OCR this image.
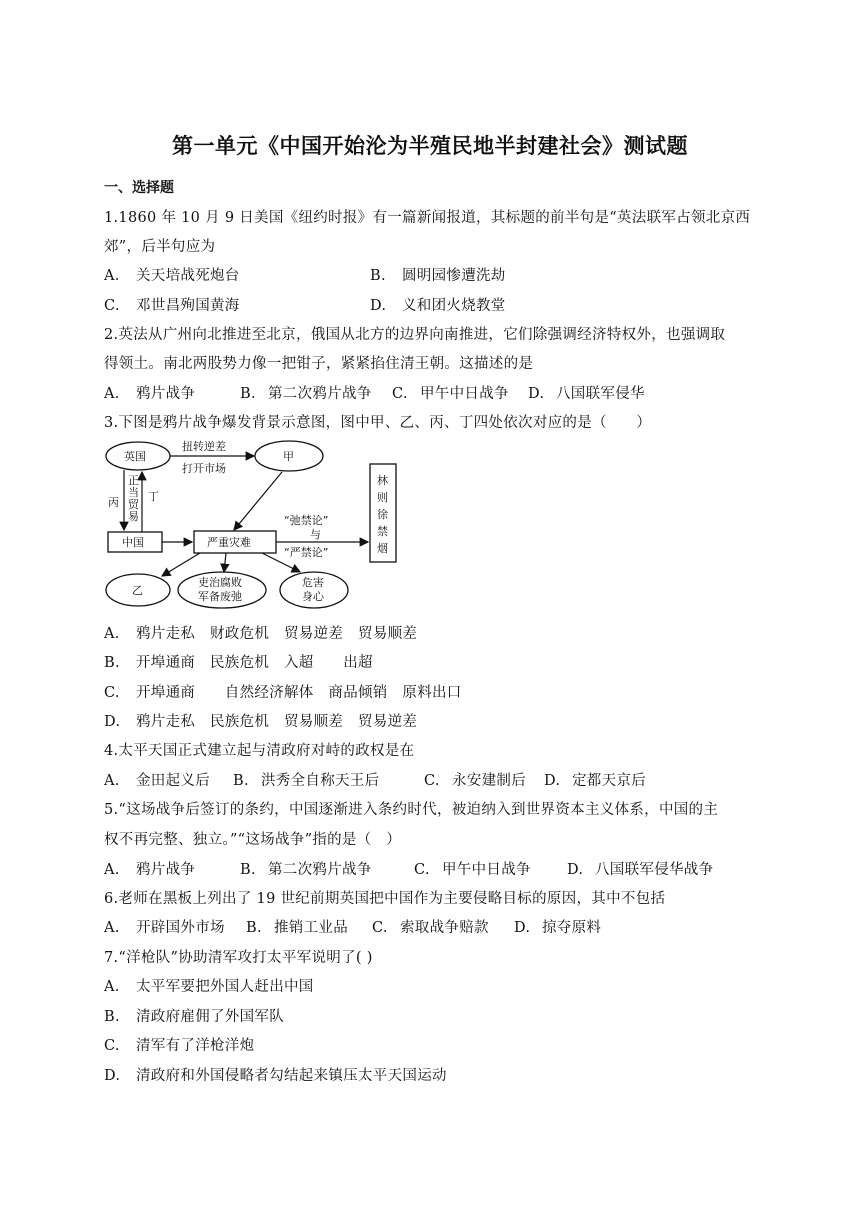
第一单元《中国开始沦为半殖民地半封建社会》测试题
一、选择题
1.1860 年 10 月 9 日美国《纽约时报》有一篇新闻报道，其标题的前半句是“英法联军占领北京西
郊”，后半句应为
A. 关天培战死炮台	B. 圆明园惨遭洗劫
C. 邓世昌殉国黄海	D. 义和团火烧教堂
2.英法从广州向北推进至北京，俄国从北方的边界向南推进，它们除强调经济特权外，也强调取
得领土。南北两股势力像一把钳子，紧紧掐住清王朝。这描述的是
A. 鸦片战争	B. 第二次鸦片战争 C. 甲午中日战争 D. 八国联军侵华
3.下图是鸦片战争爆发背景示意图，图中甲、乙、丙、丁四处依次对应的是（　　）
英国
扭转逆差
打开市场
甲
丙
正
当
贸
易
丁
中国	严重灾难
“弛禁论”
与
“严禁论”
林
则
徐
禁
烟
乙
吏治腐败
军备废弛
危害
身心
A. 鸦片走私　财政危机　贸易逆差　贸易顺差
B. 开埠通商　民族危机　入超　　出超
C. 开埠通商　　自然经济解体　商品倾销　原料出口
D. 鸦片走私　民族危机　贸易顺差　贸易逆差
4.太平天国正式建立起与清政府对峙的政权是在
A. 金田起义后 B. 洪秀全自称天王后	C. 永安建制后 D. 定都天京后
5.“这场战争后签订的条约，中国逐渐进入条约时代，被迫纳入到世界资本主义体系，中国的主
权不再完整、独立。”“这场战争”指的是（　）
A. 鸦片战争	B. 第二次鸦片战争	C. 甲午中日战争 D. 八国联军侵华战争
6.老师在黑板上列出了 19 世纪前期英国把中国作为主要侵略目标的原因，其中不包括
A. 开辟国外市场 B. 推销工业品 C. 索取战争赔款 D. 掠夺原料
7.“洋枪队”协助清军攻打太平军说明了( )
A. 太平军要把外国人赶出中国
B. 清政府雇佣了外国军队
C. 清军有了洋枪洋炮
D. 清政府和外国侵略者勾结起来镇压太平天国运动
